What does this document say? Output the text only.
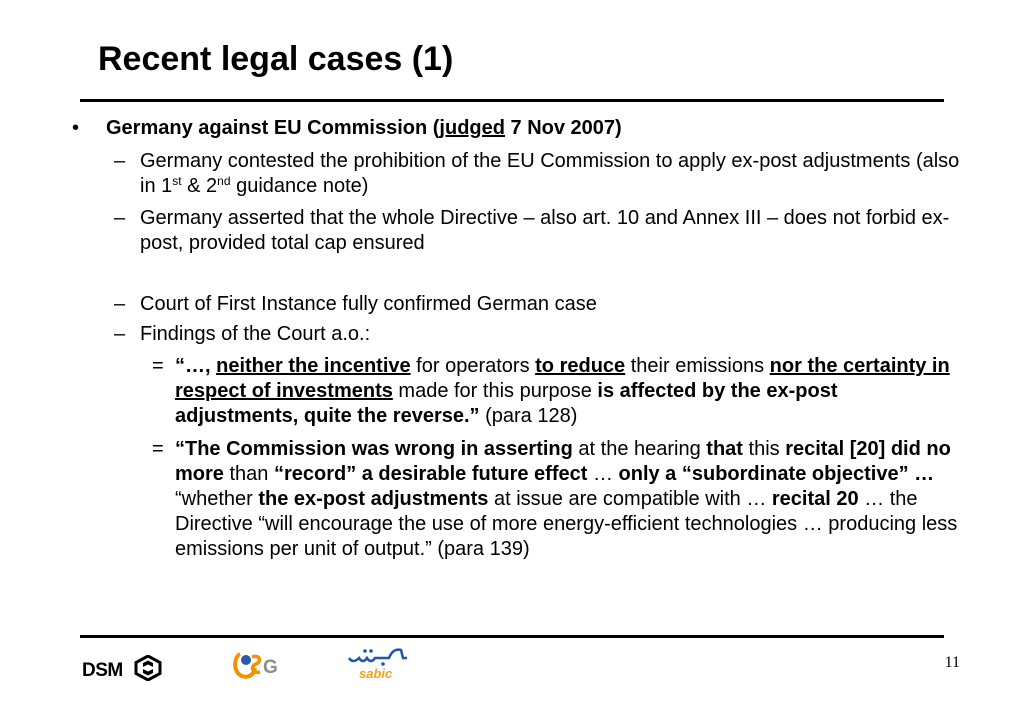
Recent legal cases (1)
• Germany against EU Commission (judged 7 Nov 2007)
– Germany contested the prohibition of the EU Commission to apply ex-post adjustments (also in 1st & 2nd guidance note)
– Germany asserted that the whole Directive – also art. 10 and Annex III – does not forbid ex-post, provided total cap ensured
– Court of First Instance fully confirmed German case
– Findings of the Court a.o.:
= “…, neither the incentive for operators to reduce their emissions nor the certainty in respect of investments made for this purpose is affected by the ex-post adjustments, quite the reverse.” (para 128)
= “The Commission was wrong in asserting at the hearing that this recital [20] did no more than “record” a desirable future effect … only a “subordinate objective” … “whether the ex-post adjustments at issue are compatible with … recital 20 … the Directive “will encourage the use of more energy-efficient technologies … producing less emissions per unit of output.” (para 139)
DSM	G	sabic
11
